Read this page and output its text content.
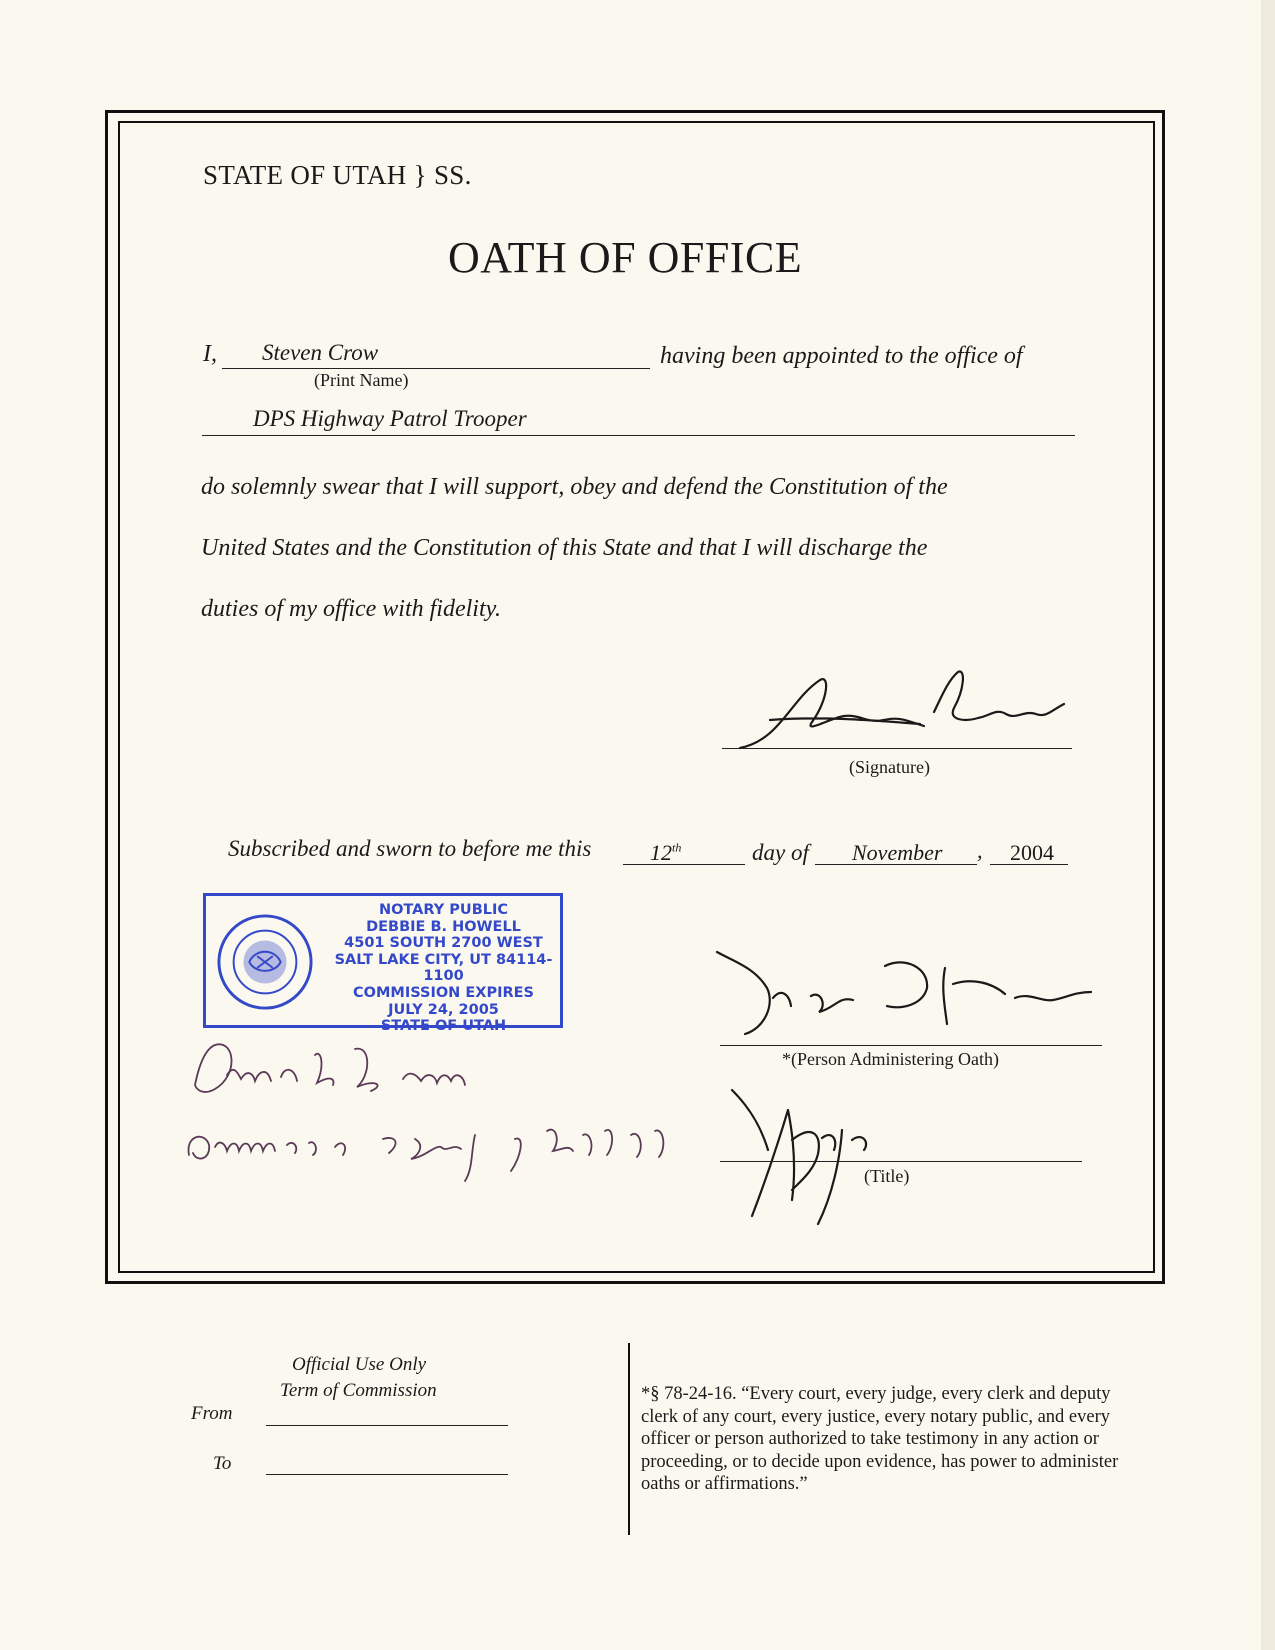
STATE OF UTAH } SS.
OATH OF OFFICE
I, Steven Crow	having been appointed to the office of
(Print Name)
DPS Highway Patrol Trooper
do solemnly swear that I will support, obey and defend the Constitution of the
United States and the Constitution of this State and that I will discharge the
duties of my office with fidelity.
Steven Crow
(Signature)
Subscribed and sworn to before me this	12th	day of November , 2004
NOTARY PUBLIC
DEBBIE B. HOWELL
4501 SOUTH 2700 WEST
SALT LAKE CITY, UT 84114-1100
COMMISSION EXPIRES
JULY 24, 2005
STATE OF UTAH
*(Person Administering Oath)
(Title)
Official Use Only
Term of Commission
From
To
*§ 78-24-16. “Every court, every judge, every clerk and deputy clerk of any court, every justice, every notary public, and every officer or person authorized to take testimony in any action or proceeding, or to decide upon evidence, has power to administer oaths or affirmations.”
